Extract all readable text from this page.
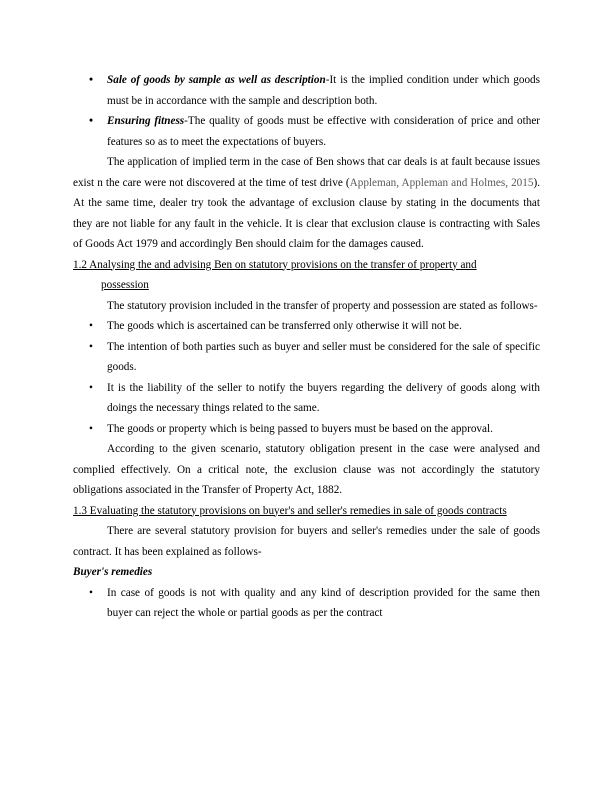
• Sale of goods by sample as well as description-It is the implied condition under which goods must be in accordance with the sample and description both.
• Ensuring fitness-The quality of goods must be effective with consideration of price and other features so as to meet the expectations of buyers.
The application of implied term in the case of Ben shows that car deals is at fault because issues exist n the care were not discovered at the time of test drive (Appleman, Appleman and Holmes, 2015). At the same time, dealer try took the advantage of exclusion clause by stating in the documents that they are not liable for any fault in the vehicle. It is clear that exclusion clause is contracting with Sales of Goods Act 1979 and accordingly Ben should claim for the damages caused.
1.2 Analysing the and advising Ben on statutory provisions on the transfer of property and
possession
The statutory provision included in the transfer of property and possession are stated as follows-
• The goods which is ascertained can be transferred only otherwise it will not be.
• The intention of both parties such as buyer and seller must be considered for the sale of specific goods.
• It is the liability of the seller to notify the buyers regarding the delivery of goods along with doings the necessary things related to the same.
• The goods or property which is being passed to buyers must be based on the approval.
According to the given scenario, statutory obligation present in the case were analysed and complied effectively. On a critical note, the exclusion clause was not accordingly the statutory obligations associated in the Transfer of Property Act, 1882.
1.3 Evaluating the statutory provisions on buyer's and seller's remedies in sale of goods contracts
There are several statutory provision for buyers and seller's remedies under the sale of goods contract. It has been explained as follows-
Buyer's remedies
• In case of goods is not with quality and any kind of description provided for the same then buyer can reject the whole or partial goods as per the contract
